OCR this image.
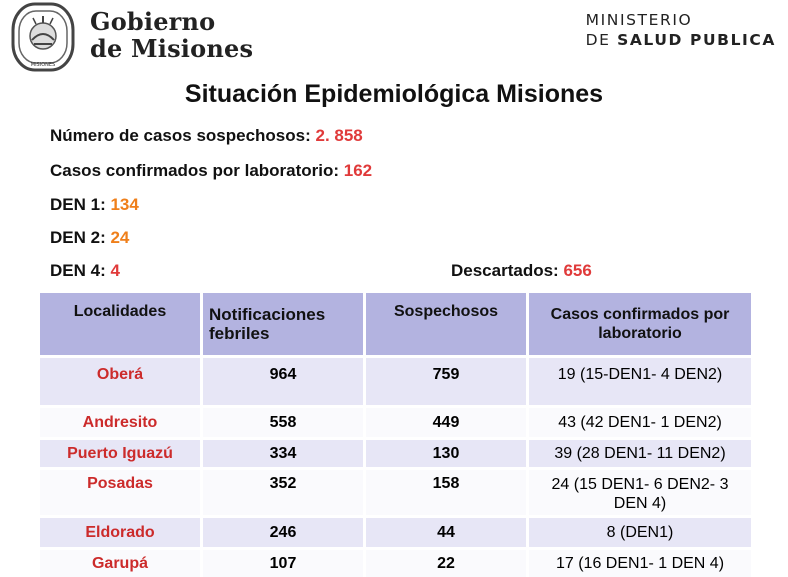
MISIONES
Gobierno
de Misiones
MINISTERIO
DE SALUD PUBLICA
Situación Epidemiológica Misiones
Número de casos sospechosos: 2. 858
Casos confirmados por laboratorio: 162
DEN 1: 134
DEN 2: 24
DEN 4: 4	Descartados: 656
Localidades	Notificaciones febriles	Sospechosos	Casos confirmados por laboratorio
Oberá	964	759	19 (15-DEN1- 4 DEN2)
Andresito	558	449	43 (42 DEN1- 1 DEN2)
Puerto Iguazú	334	130	39 (28 DEN1- 11 DEN2)
Posadas	352	158	24 (15 DEN1- 6 DEN2- 3 DEN 4)
Eldorado	246	44	8 (DEN1)
Garupá	107	22	17 (16 DEN1- 1 DEN 4)
